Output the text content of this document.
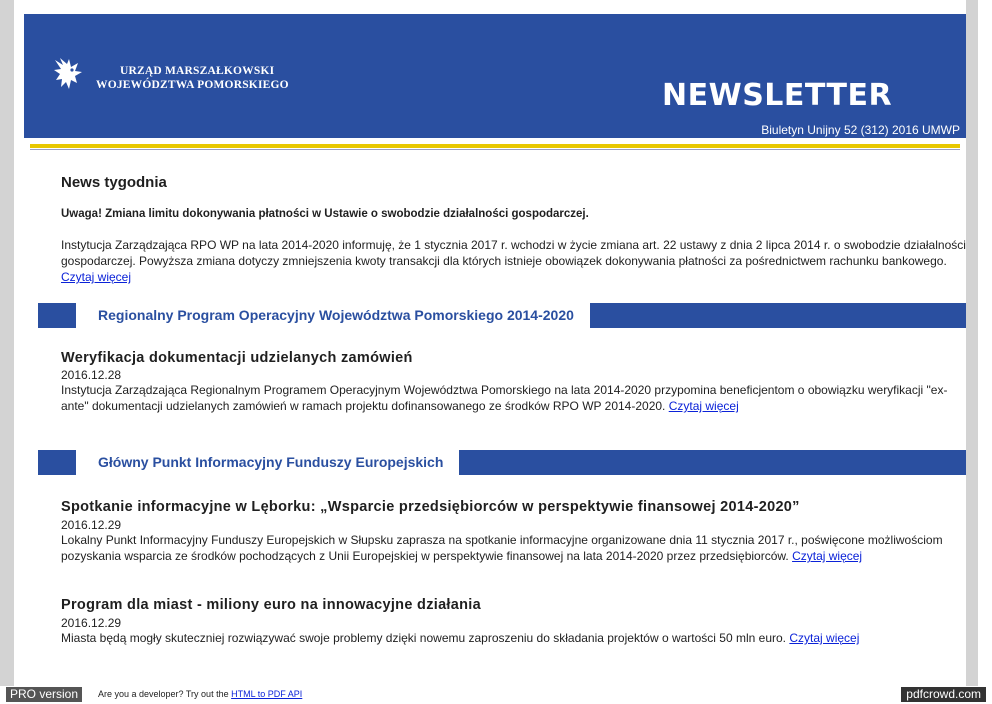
URZĄD MARSZAŁKOWSKI
WOJEWÓDZTWA POMORSKIEGO	NEWSLETTER
Biuletyn Unijny 52 (312) 2016 UMWP
News tygodnia
Uwaga! Zmiana limitu dokonywania płatności w Ustawie o swobodzie działalności gospodarczej.
Instytucja Zarządzająca RPO WP na lata 2014-2020 informuję, że 1 stycznia 2017 r. wchodzi w życie zmiana art. 22 ustawy z dnia 2 lipca 2014 r. o swobodzie działalności gospodarczej. Powyższa zmiana dotyczy zmniejszenia kwoty transakcji dla których istnieje obowiązek dokonywania płatności za pośrednictwem rachunku bankowego. Czytaj więcej
Regionalny Program Operacyjny Województwa Pomorskiego 2014-2020
Weryfikacja dokumentacji udzielanych zamówień
2016.12.28
Instytucja Zarządzająca Regionalnym Programem Operacyjnym Województwa Pomorskiego na lata 2014-2020 przypomina beneficjentom o obowiązku weryfikacji "ex-ante" dokumentacji udzielanych zamówień w ramach projektu dofinansowanego ze środków RPO WP 2014-2020. Czytaj więcej
Główny Punkt Informacyjny Funduszy Europejskich
Spotkanie informacyjne w Lęborku: „Wsparcie przedsiębiorców w perspektywie finansowej 2014-2020”
2016.12.29
Lokalny Punkt Informacyjny Funduszy Europejskich w Słupsku zaprasza na spotkanie informacyjne organizowane dnia 11 stycznia 2017 r., poświęcone możliwościom pozyskania wsparcia ze środków pochodzących z Unii Europejskiej w perspektywie finansowej na lata 2014-2020 przez przedsiębiorców. Czytaj więcej
Program dla miast - miliony euro na innowacyjne działania
2016.12.29
Miasta będą mogły skuteczniej rozwiązywać swoje problemy dzięki nowemu zaproszeniu do składania projektów o wartości 50 mln euro. Czytaj więcej
PRO version	Are you a developer? Try out the HTML to PDF API	pdfcrowd.com
